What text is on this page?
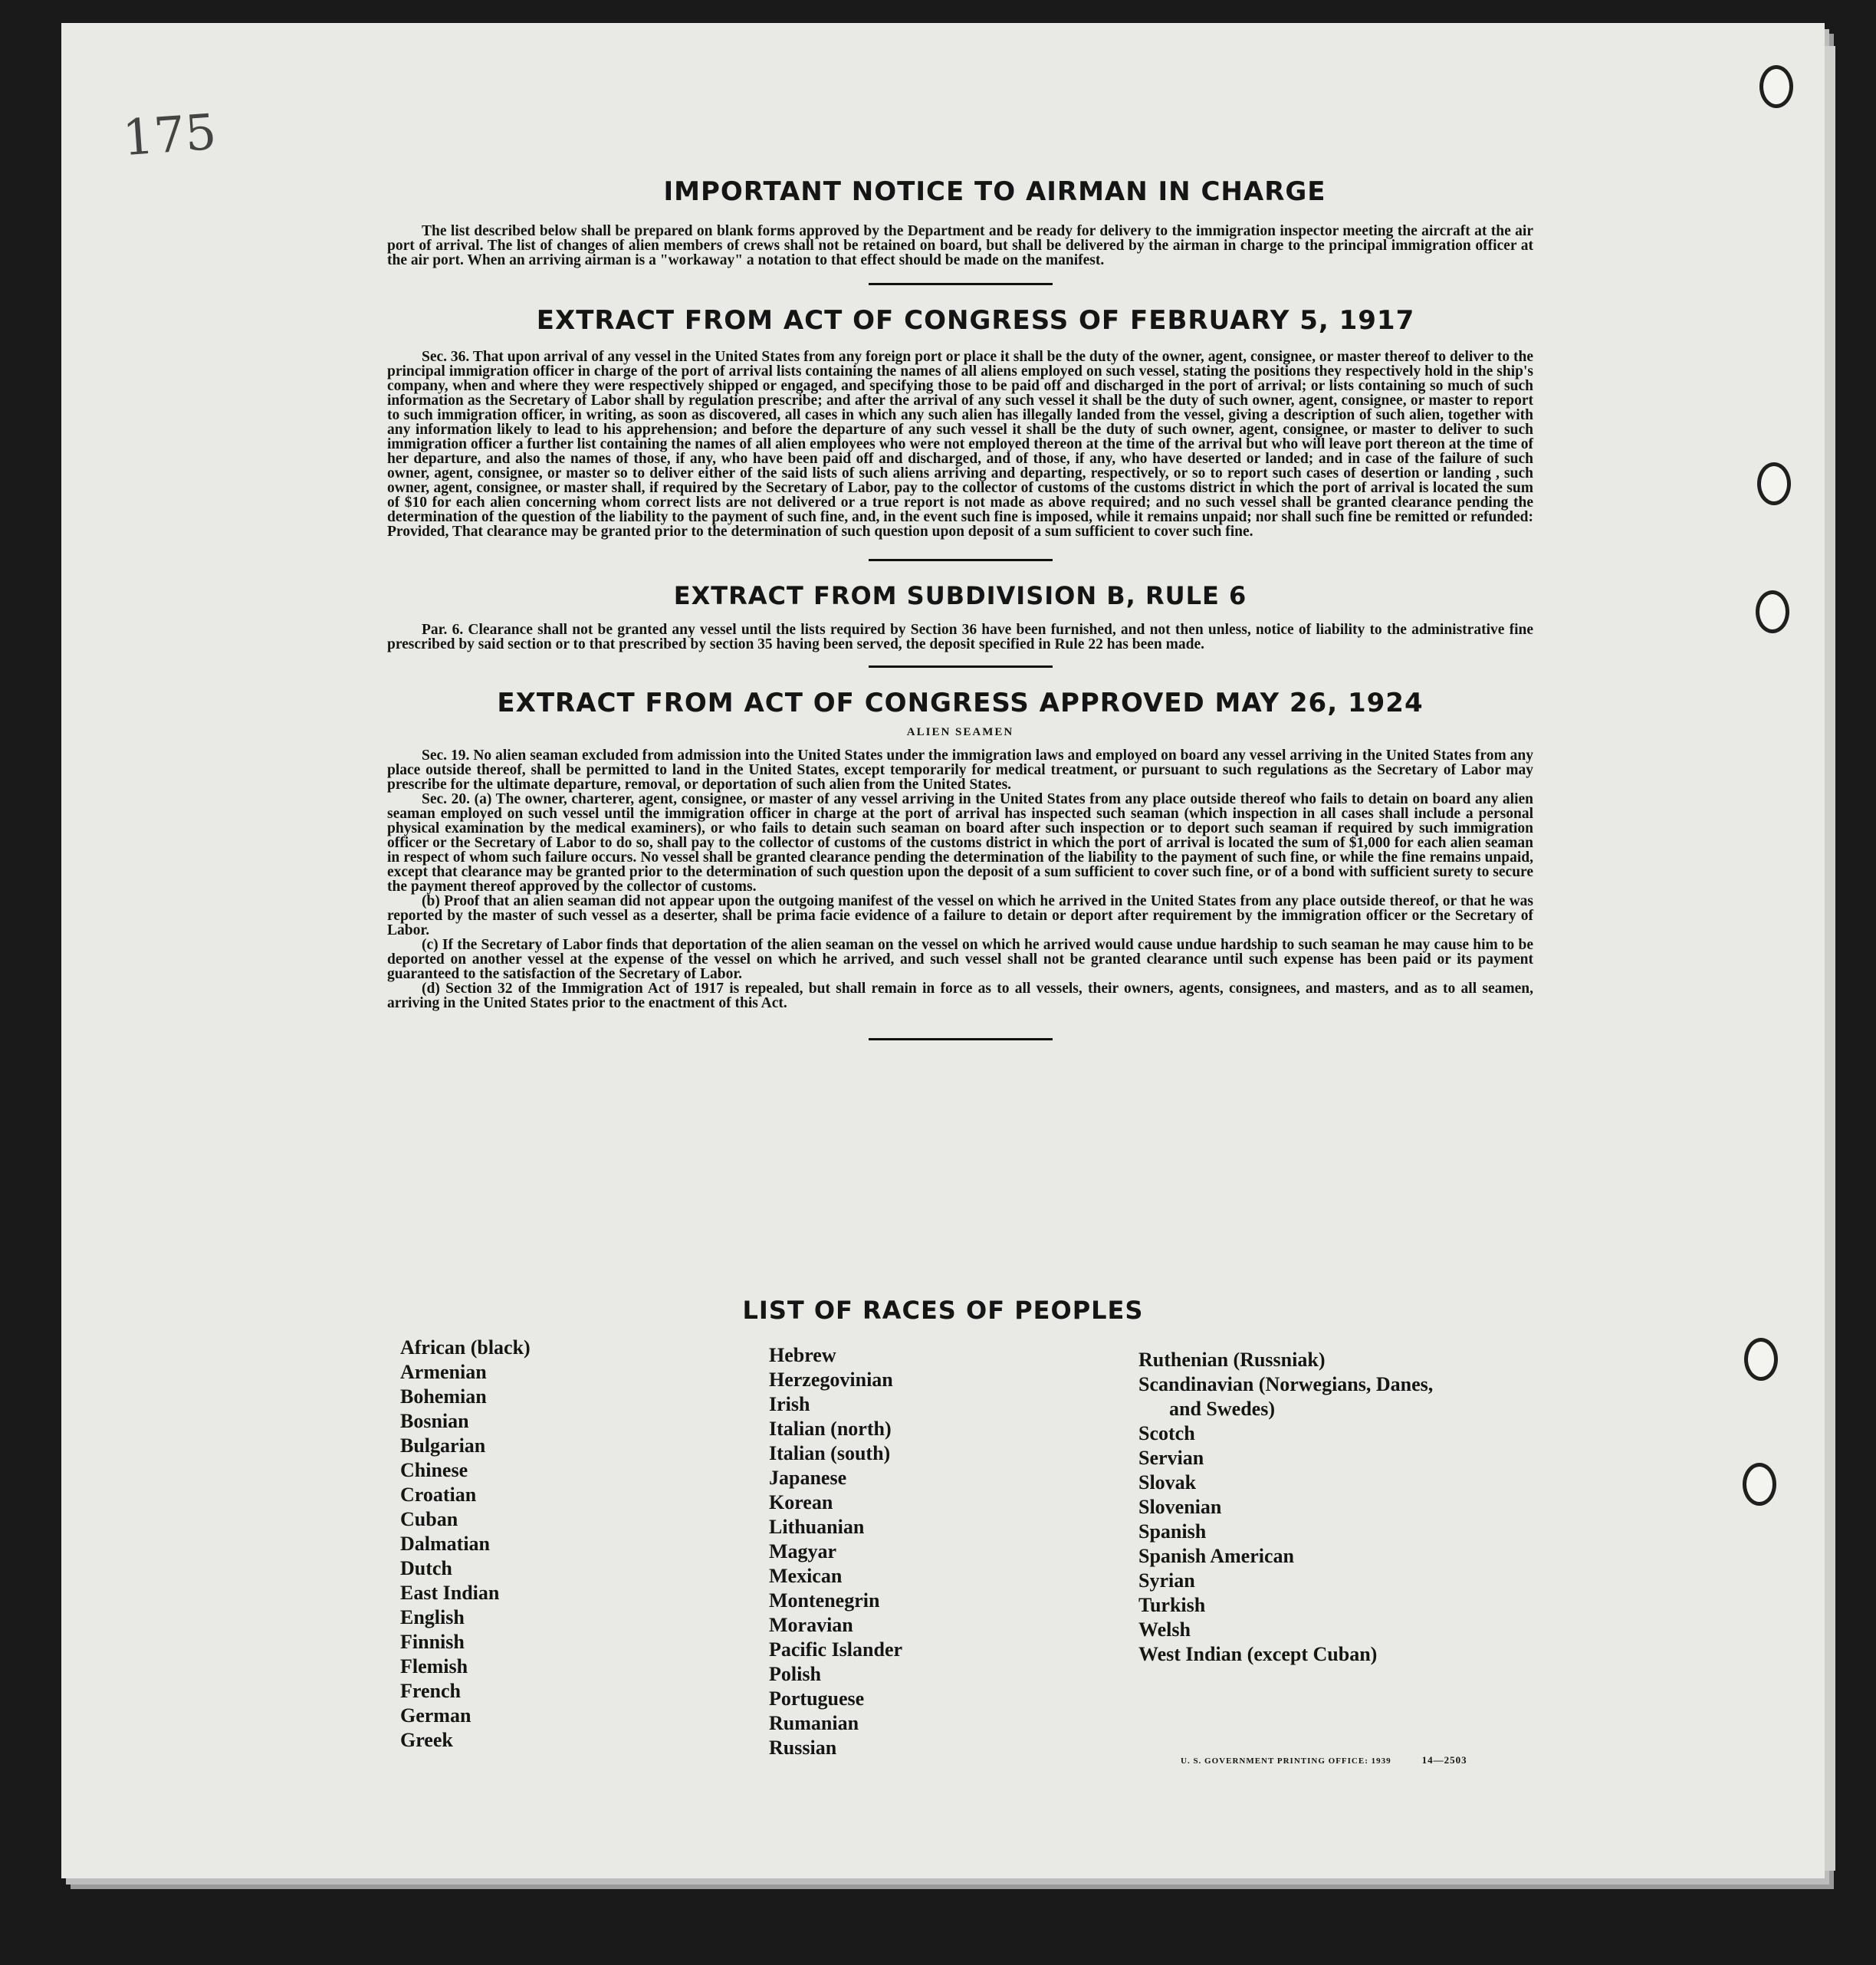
175
IMPORTANT NOTICE TO AIRMAN IN CHARGE

The list described below shall be prepared on blank forms approved by the Department and be ready for delivery to the immigration inspector meeting the aircraft at the air port of arrival. The list of changes of alien members of crews shall not be retained on board, but shall be delivered by the airman in charge to the principal immigration officer at the air port. When an arriving airman is a "workaway" a notation to that effect should be made on the manifest.

EXTRACT FROM ACT OF CONGRESS OF FEBRUARY 5, 1917

Sec. 36. That upon arrival of any vessel in the United States from any foreign port or place it shall be the duty of the owner, agent, consignee, or master thereof to deliver to the principal immigration officer in charge of the port of arrival lists containing the names of all aliens employed on such vessel, stating the positions they respectively hold in the ship's company, when and where they were respectively shipped or engaged, and specifying those to be paid off and discharged in the port of arrival; or lists containing so much of such information as the Secretary of Labor shall by regulation prescribe; and after the arrival of any such vessel it shall be the duty of such owner, agent, consignee, or master to report to such immigration officer, in writing, as soon as discovered, all cases in which any such alien has illegally landed from the vessel, giving a description of such alien, together with any information likely to lead to his apprehension; and before the departure of any such vessel it shall be the duty of such owner, agent, consignee, or master to deliver to such immigration officer a further list containing the names of all alien employees who were not employed thereon at the time of the arrival but who will leave port thereon at the time of her departure, and also the names of those, if any, who have been paid off and discharged, and of those, if any, who have deserted or landed; and in case of the failure of such owner, agent, consignee, or master so to deliver either of the said lists of such aliens arriving and departing, respectively, or so to report such cases of desertion or landing , such owner, agent, consignee, or master shall, if required by the Secretary of Labor, pay to the collector of customs of the customs district in which the port of arrival is located the sum of $10 for each alien concerning whom correct lists are not delivered or a true report is not made as above required; and no such vessel shall be granted clearance pending the determination of the question of the liability to the payment of such fine, and, in the event such fine is imposed, while it remains unpaid; nor shall such fine be remitted or refunded: Provided, That clearance may be granted prior to the determination of such question upon deposit of a sum sufficient to cover such fine.

EXTRACT FROM SUBDIVISION B, RULE 6

Par. 6. Clearance shall not be granted any vessel until the lists required by Section 36 have been furnished, and not then unless, notice of liability to the administrative fine prescribed by said section or to that prescribed by section 35 having been served, the deposit specified in Rule 22 has been made.

EXTRACT FROM ACT OF CONGRESS APPROVED MAY 26, 1924
ALIEN SEAMEN

Sec. 19. No alien seaman excluded from admission into the United States under the immigration laws and employed on board any vessel arriving in the United States from any place outside thereof, shall be permitted to land in the United States, except temporarily for medical treatment, or pursuant to such regulations as the Secretary of Labor may prescribe for the ultimate departure, removal, or deportation of such alien from the United States.

Sec. 20. (a) The owner, charterer, agent, consignee, or master of any vessel arriving in the United States from any place outside thereof who fails to detain on board any alien seaman employed on such vessel until the immigration officer in charge at the port of arrival has inspected such seaman (which inspection in all cases shall include a personal physical examination by the medical examiners), or who fails to detain such seaman on board after such inspection or to deport such seaman if required by such immigration officer or the Secretary of Labor to do so, shall pay to the collector of customs of the customs district in which the port of arrival is located the sum of $1,000 for each alien seaman in respect of whom such failure occurs. No vessel shall be granted clearance pending the determination of the liability to the payment of such fine, or while the fine remains unpaid, except that clearance may be granted prior to the determination of such question upon the deposit of a sum sufficient to cover such fine, or of a bond with sufficient surety to secure the payment thereof approved by the collector of customs.

(b) Proof that an alien seaman did not appear upon the outgoing manifest of the vessel on which he arrived in the United States from any place outside thereof, or that he was reported by the master of such vessel as a deserter, shall be prima facie evidence of a failure to detain or deport after requirement by the immigration officer or the Secretary of Labor.

(c) If the Secretary of Labor finds that deportation of the alien seaman on the vessel on which he arrived would cause undue hardship to such seaman he may cause him to be deported on another vessel at the expense of the vessel on which he arrived, and such vessel shall not be granted clearance until such expense has been paid or its payment guaranteed to the satisfaction of the Secretary of Labor.

(d) Section 32 of the Immigration Act of 1917 is repealed, but shall remain in force as to all vessels, their owners, agents, consignees, and masters, and as to all seamen, arriving in the United States prior to the enactment of this Act.

LIST OF RACES OF PEOPLES
African (black)
Armenian
Bohemian
Bosnian
Bulgarian
Chinese
Croatian
Cuban
Dalmatian
Dutch
East Indian
English
Finnish
Flemish
French
German
Greek
Hebrew
Herzegovinian
Irish
Italian (north)
Italian (south)
Japanese
Korean
Lithuanian
Magyar
Mexican
Montenegrin
Moravian
Pacific Islander
Polish
Portuguese
Rumanian
Russian
Ruthenian (Russniak)
Scandinavian (Norwegians, Danes,
and Swedes)
Scotch
Servian
Slovak
Slovenian
Spanish
Spanish American
Syrian
Turkish
Welsh
West Indian (except Cuban)
U. S. GOVERNMENT PRINTING OFFICE: 1939	14—2503
